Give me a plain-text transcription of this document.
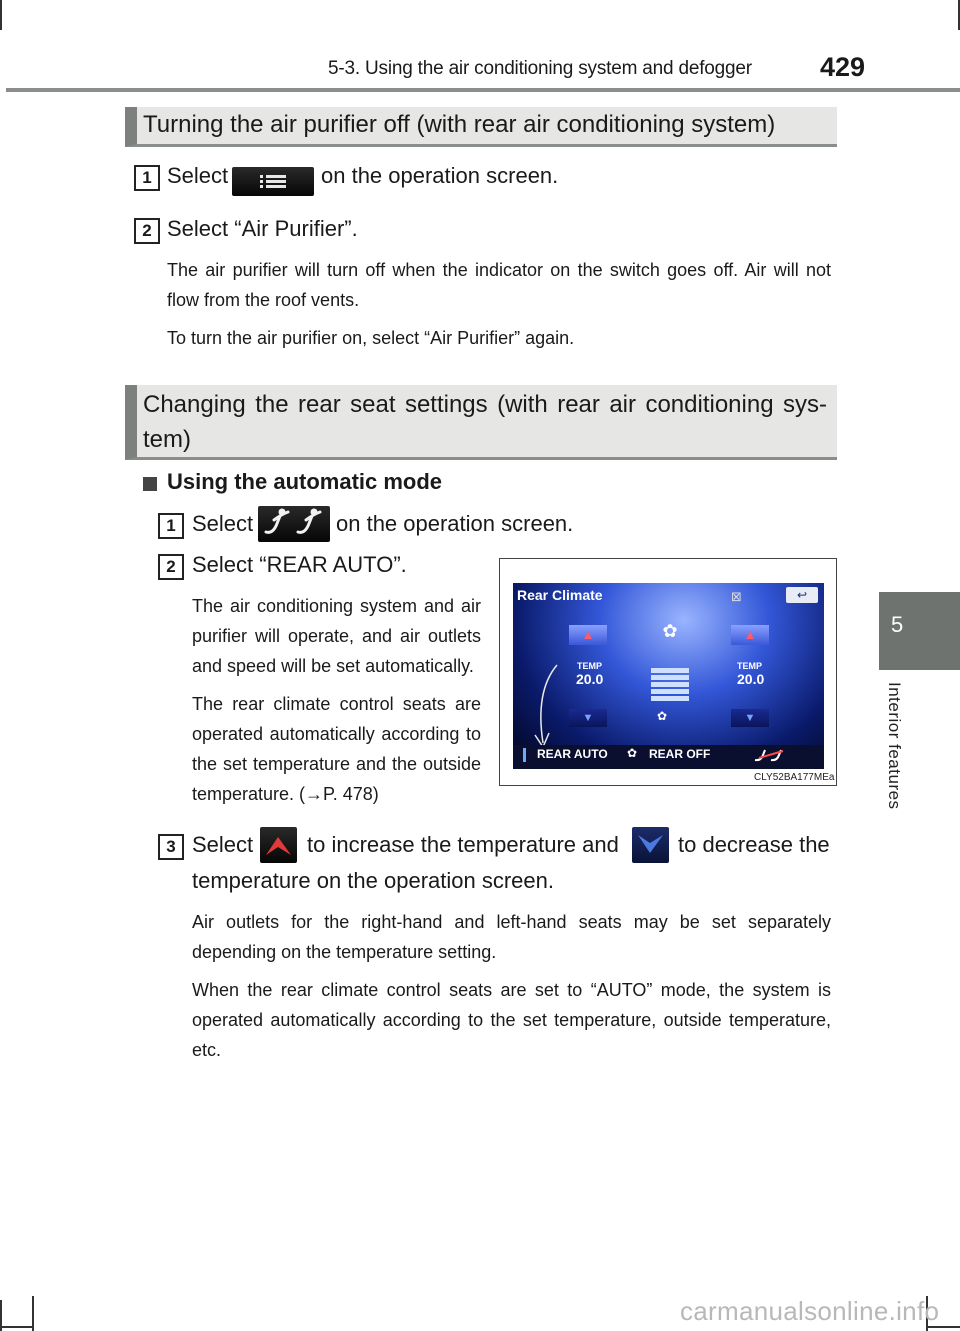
5-3. Using the air conditioning system and defogger	429
5
Interior features
Turning the air purifier off (with rear air conditioning system)
1 Select	on the operation screen.
2 Select “Air Purifier”.
The air purifier will turn off when the indicator on the switch goes off. Air will not flow from the roof vents.
To turn the air purifier on, select “Air Purifier” again.
Changing the rear seat settings (with rear air conditioning sys-
tem)
Using the automatic mode
1 Select	on the operation screen.
2 Select “REAR AUTO”.
The air conditioning system and air purifier will operate, and air outlets and speed will be set automatically.
The rear climate control seats are operated automatically according to the set temperature and the outside temperature. (→P. 478)
Rear Climate	⊠	↩
▲	▲
✿
TEMP
20.0
TEMP
20.0
✿
▼	▼
REAR AUTO ✿ REAR OFF
CLY52BA177MEa
3 Select to increase the temperature and	to decrease the
temperature on the operation screen.
Air outlets for the right-hand and left-hand seats may be set separately depending on the temperature setting.
When the rear climate control seats are set to “AUTO” mode, the system is operated automatically according to the set temperature, outside temperature, etc.
carmanualsonline.info
